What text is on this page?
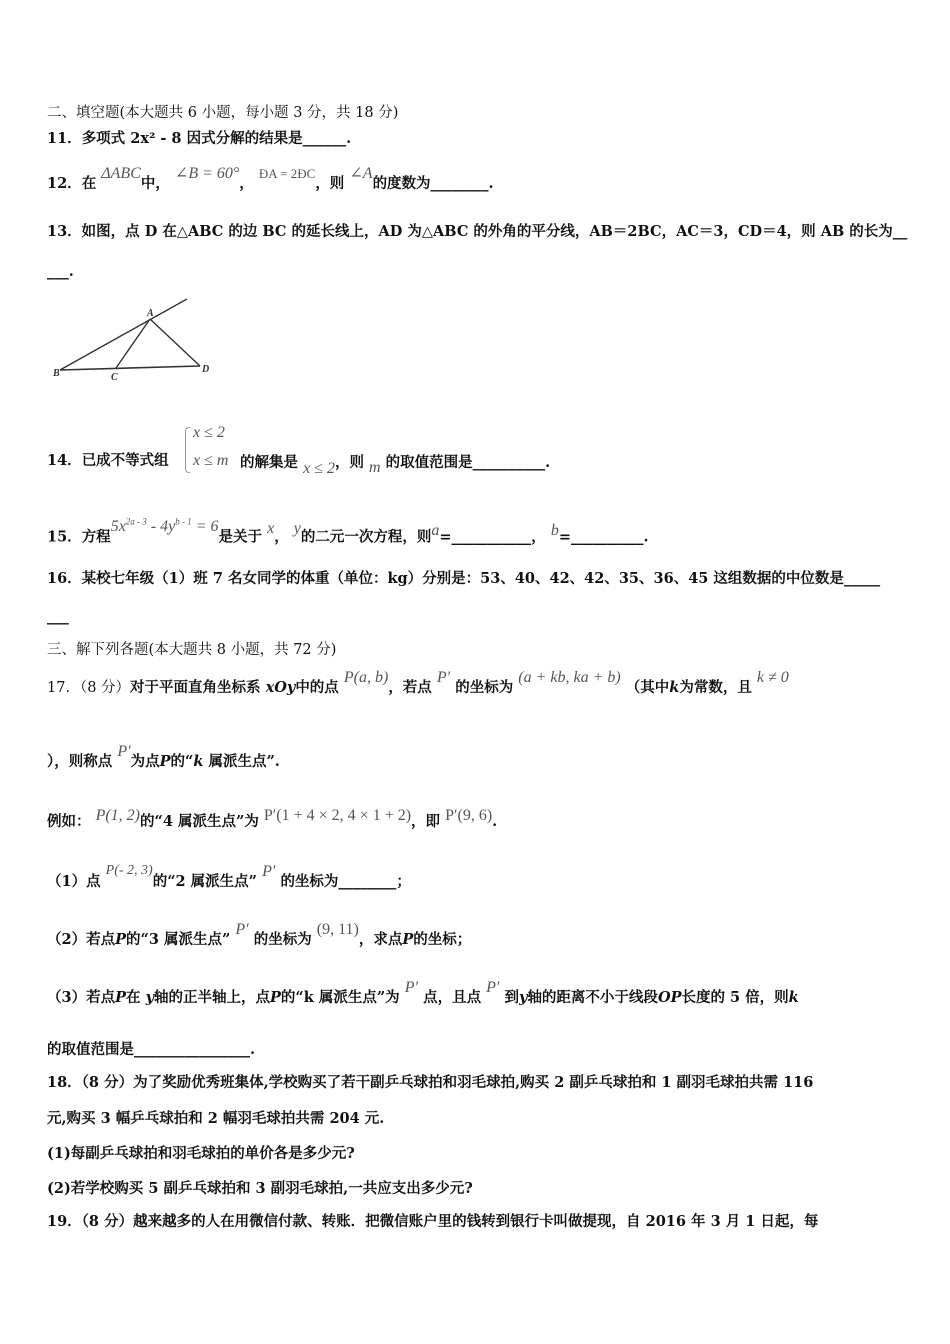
二、填空题(本大题共 6 小题，每小题 3 分，共 18 分)
11．多项式 2x² - 8 因式分解的结果是______.
12．在 ΔABC中， ∠B = 60°， ÐA = 2ÐC，则 ∠A的度数为________.
13．如图，点 D 在△ABC 的边 BC 的延长线上，AD 为△ABC 的外角的平分线，AB＝2BC，AC＝3，CD＝4，则 AB 的长为__
___.
A
B	C
D
x ≤ 2
x ≤ m
14．已成不等式组	的解集是 x ≤ 2，则 m 的取值范围是__________.
15．方程$5x^{2a - 3} - 4y^{b - 1} = 6$是关于 x， y的二元一次方程，则a=___________， b=__________.
16．某校七年级（1）班 7 名女同学的体重（单位：kg）分别是：53、40、42、42、35、36、45 这组数据的中位数是_____
___
三、解下列各题(本大题共 8 小题，共 72 分)
17．（8 分）对于平面直角坐标系 xOy中的点 P(a, b)，若点 P′ 的坐标为 (a + kb, ka + b) （其中k为常数，且 k ≠ 0
），则称点 P′为点P的“k 属派生点”.
例如： P(1, 2)的“4 属派生点”为 P′(1 + 4 × 2, 4 × 1 + 2)，即 P′(9, 6).
（1）点 P(- 2, 3)的“2 属派生点” P′ 的坐标为________；
（2）若点P的“3 属派生点” P′ 的坐标为 (9, 11)，求点P的坐标；
（3）若点P在 y轴的正半轴上，点P的“k 属派生点”为 P′ 点，且点 P′ 到y轴的距离不小于线段OP长度的 5 倍，则k
的取值范围是________________.
18．（8 分）为了奖励优秀班集体,学校购买了若干副乒乓球拍和羽毛球拍,购买 2 副乒乓球拍和 1 副羽毛球拍共需 116
元,购买 3 幅乒乓球拍和 2 幅羽毛球拍共需 204 元.
(1)每副乒乓球拍和羽毛球拍的单价各是多少元?
(2)若学校购买 5 副乒乓球拍和 3 副羽毛球拍,一共应支出多少元?
19．（8 分）越来越多的人在用微信付款、转账．把微信账户里的钱转到银行卡叫做提现，自 2016 年 3 月 1 日起，每
